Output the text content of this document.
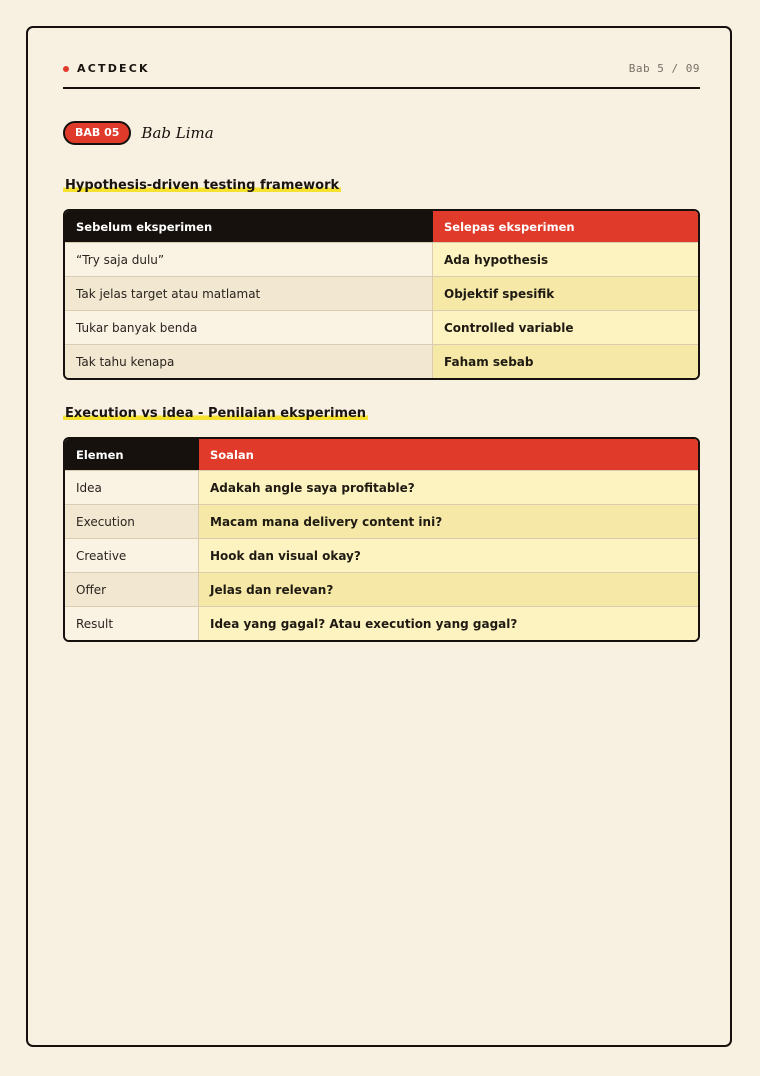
ACTDECK	Bab 5 / 09
BAB 05	Bab Lima
Hypothesis-driven testing framework
Sebelum eksperimen	Selepas eksperimen
“Try saja dulu”	Ada hypothesis
Tak jelas target atau matlamat	Objektif spesifik
Tukar banyak benda	Controlled variable
Tak tahu kenapa	Faham sebab
Execution vs idea - Penilaian eksperimen
Elemen	Soalan
Idea	Adakah angle saya profitable?
Execution	Macam mana delivery content ini?
Creative	Hook dan visual okay?
Offer	Jelas dan relevan?
Result	Idea yang gagal? Atau execution yang gagal?
